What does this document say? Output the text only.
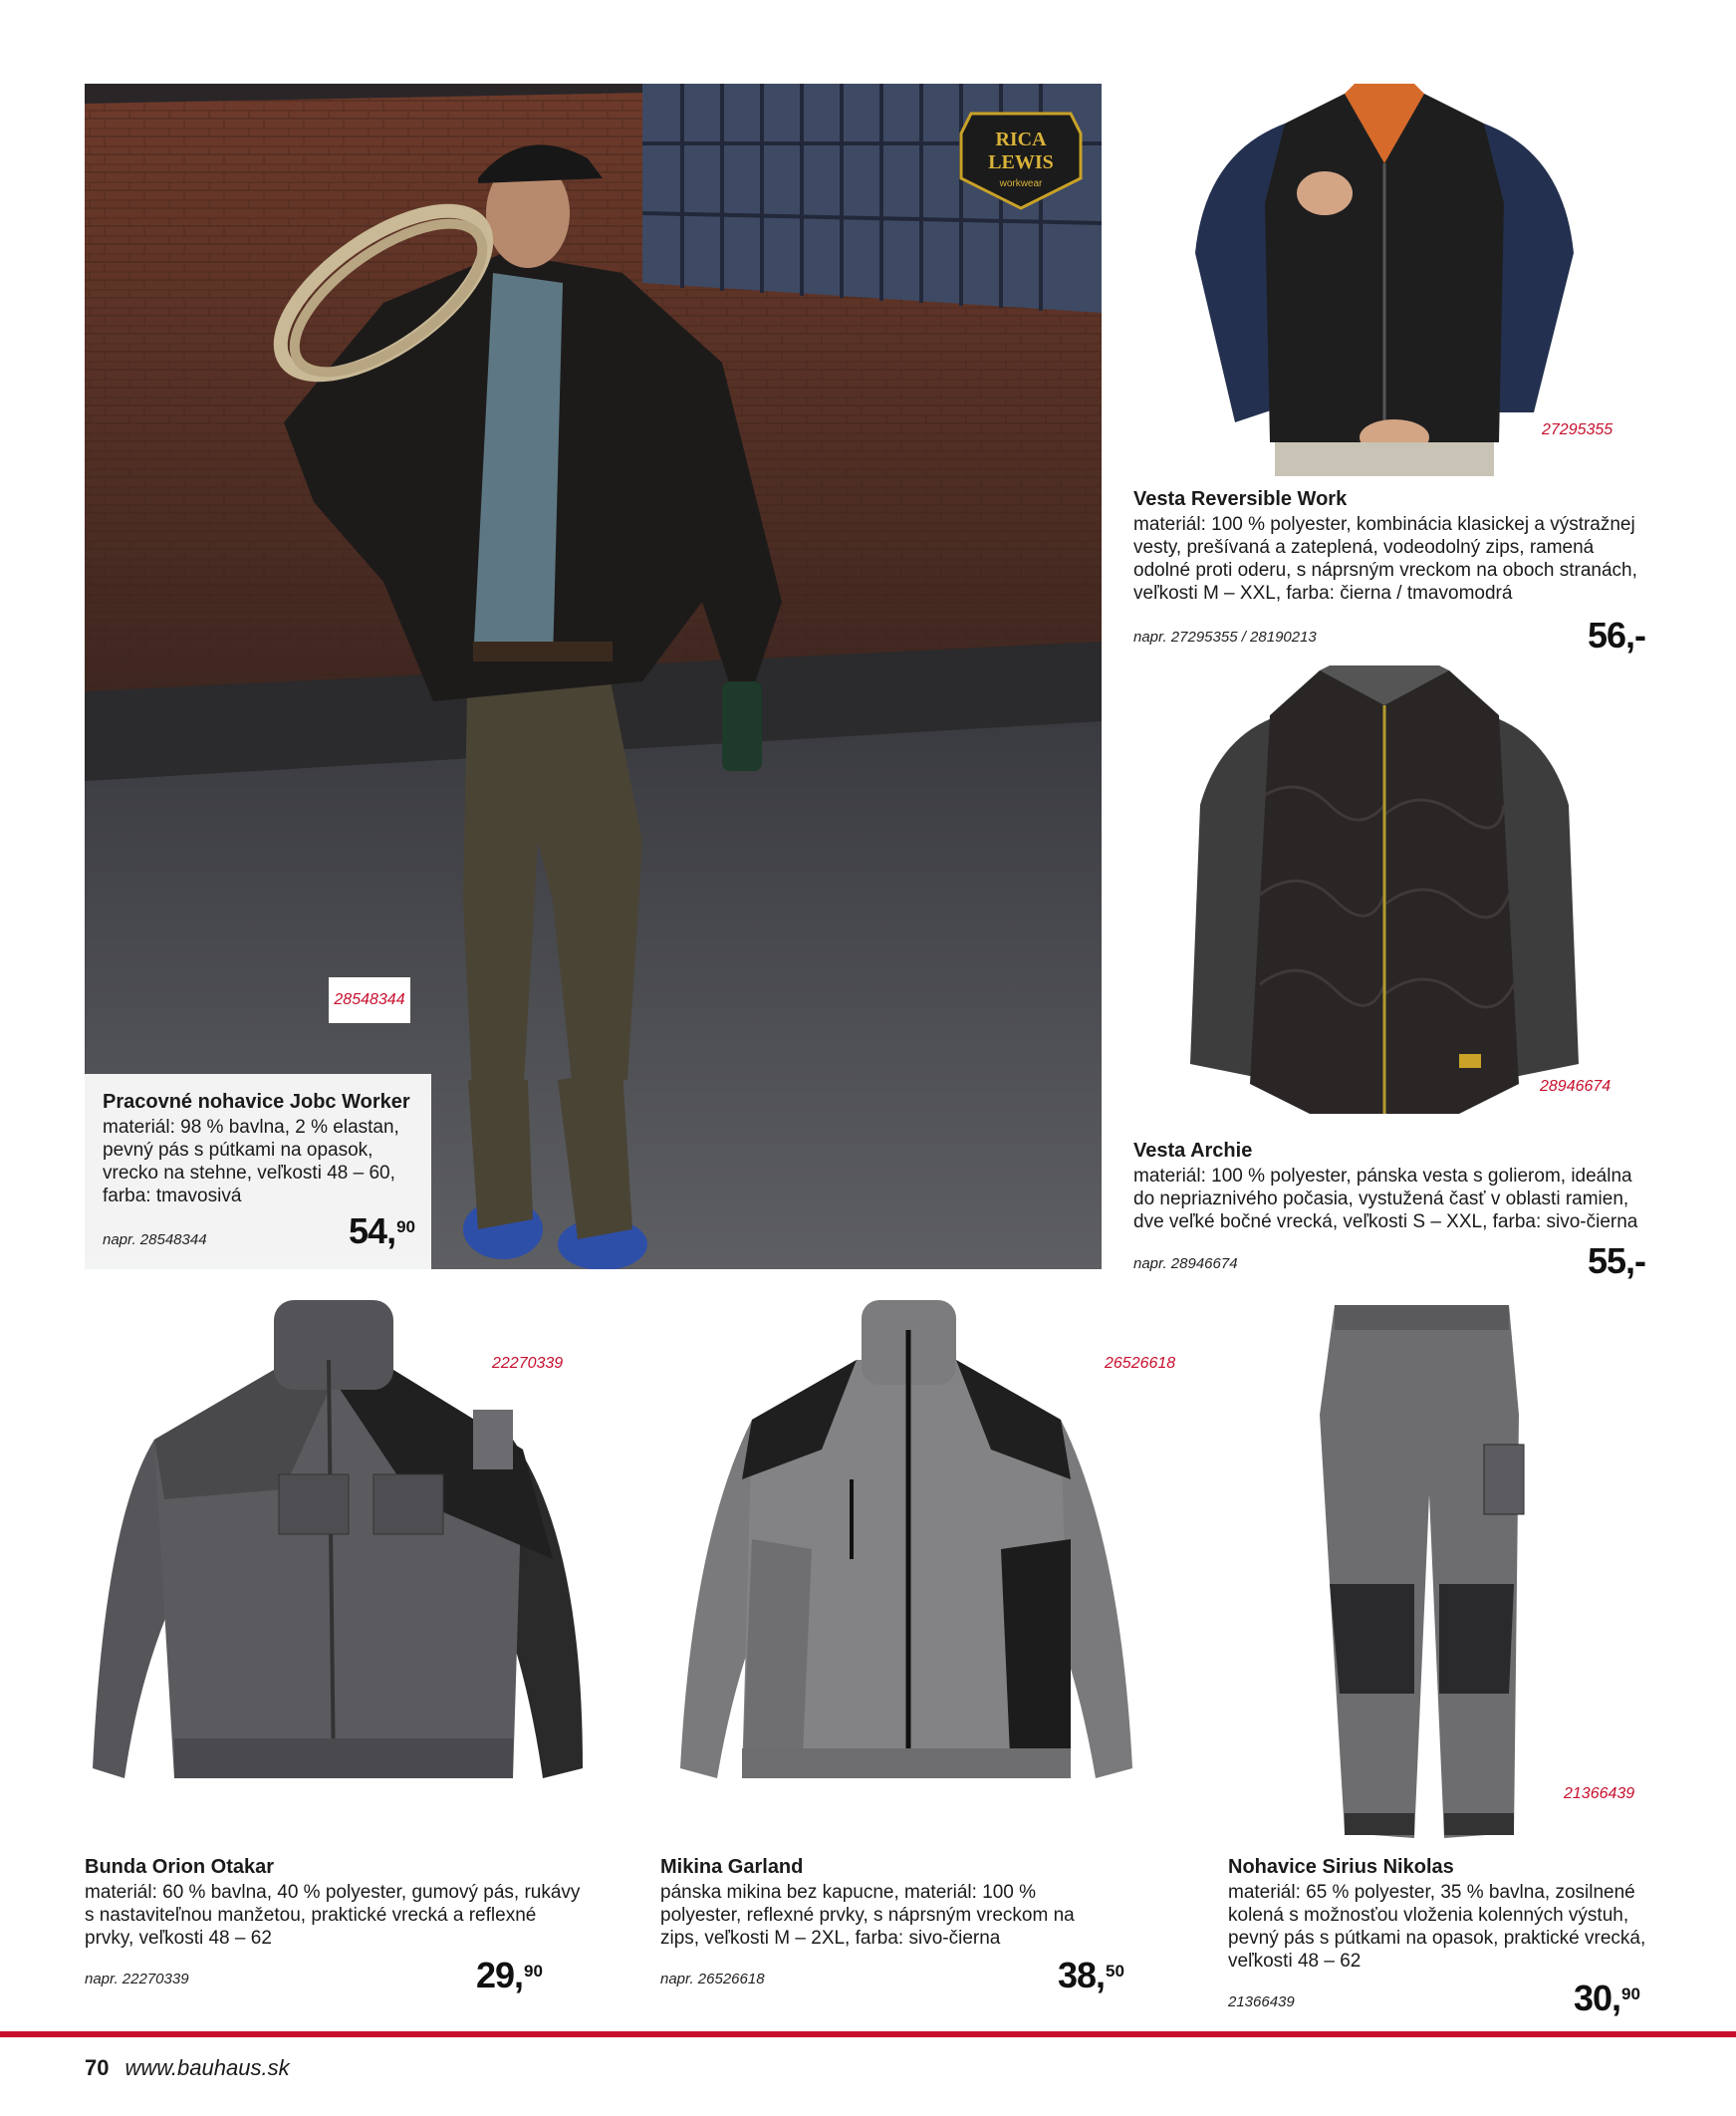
RICA
LEWIS
workwear
28548344
Pracovné nohavice Jobc Worker
materiál: 98 % bavlna, 2 % elastan, pevný pás s pútkami na opasok, vrecko na stehne, veľkosti 48 – 60, farba: tmavosivá
napr. 28548344	54,90
27295355
Vesta Reversible Work
materiál: 100 % polyester, kombinácia klasickej a výstražnej vesty, prešívaná a zateplená, vodeodolný zips, ramená odolné proti oderu, s náprsným vreckom na oboch stranách, veľkosti M – XXL, farba: čierna / tmavomodrá
napr. 27295355 / 28190213	56,-
28946674
Vesta Archie
materiál: 100 % polyester, pánska vesta s golierom, ideálna do nepriaznivého počasia, vystužená časť v oblasti ramien, dve veľké bočné vrecká, veľkosti S – XXL, farba: sivo-čierna
napr. 28946674	55,-
22270339
Bunda Orion Otakar
materiál: 60 % bavlna, 40 % polyester, gumový pás, rukávy s nastaviteľnou manžetou, praktické vrecká a reflexné prvky, veľkosti 48 – 62
napr. 22270339	29,90
26526618
Mikina Garland
pánska mikina bez kapucne, materiál: 100 % polyester, reflexné prvky, s náprsným vreckom na zips, veľkosti M – 2XL, farba: sivo-čierna
napr. 26526618	38,50
21366439
Nohavice Sirius Nikolas
materiál: 65 % polyester, 35 % bavlna, zosilnené kolená s možnosťou vloženia kolenných výstuh, pevný pás s pútkami na opasok, praktické vrecká, veľkosti 48 – 62
21366439	30,90
70 www.bauhaus.sk
